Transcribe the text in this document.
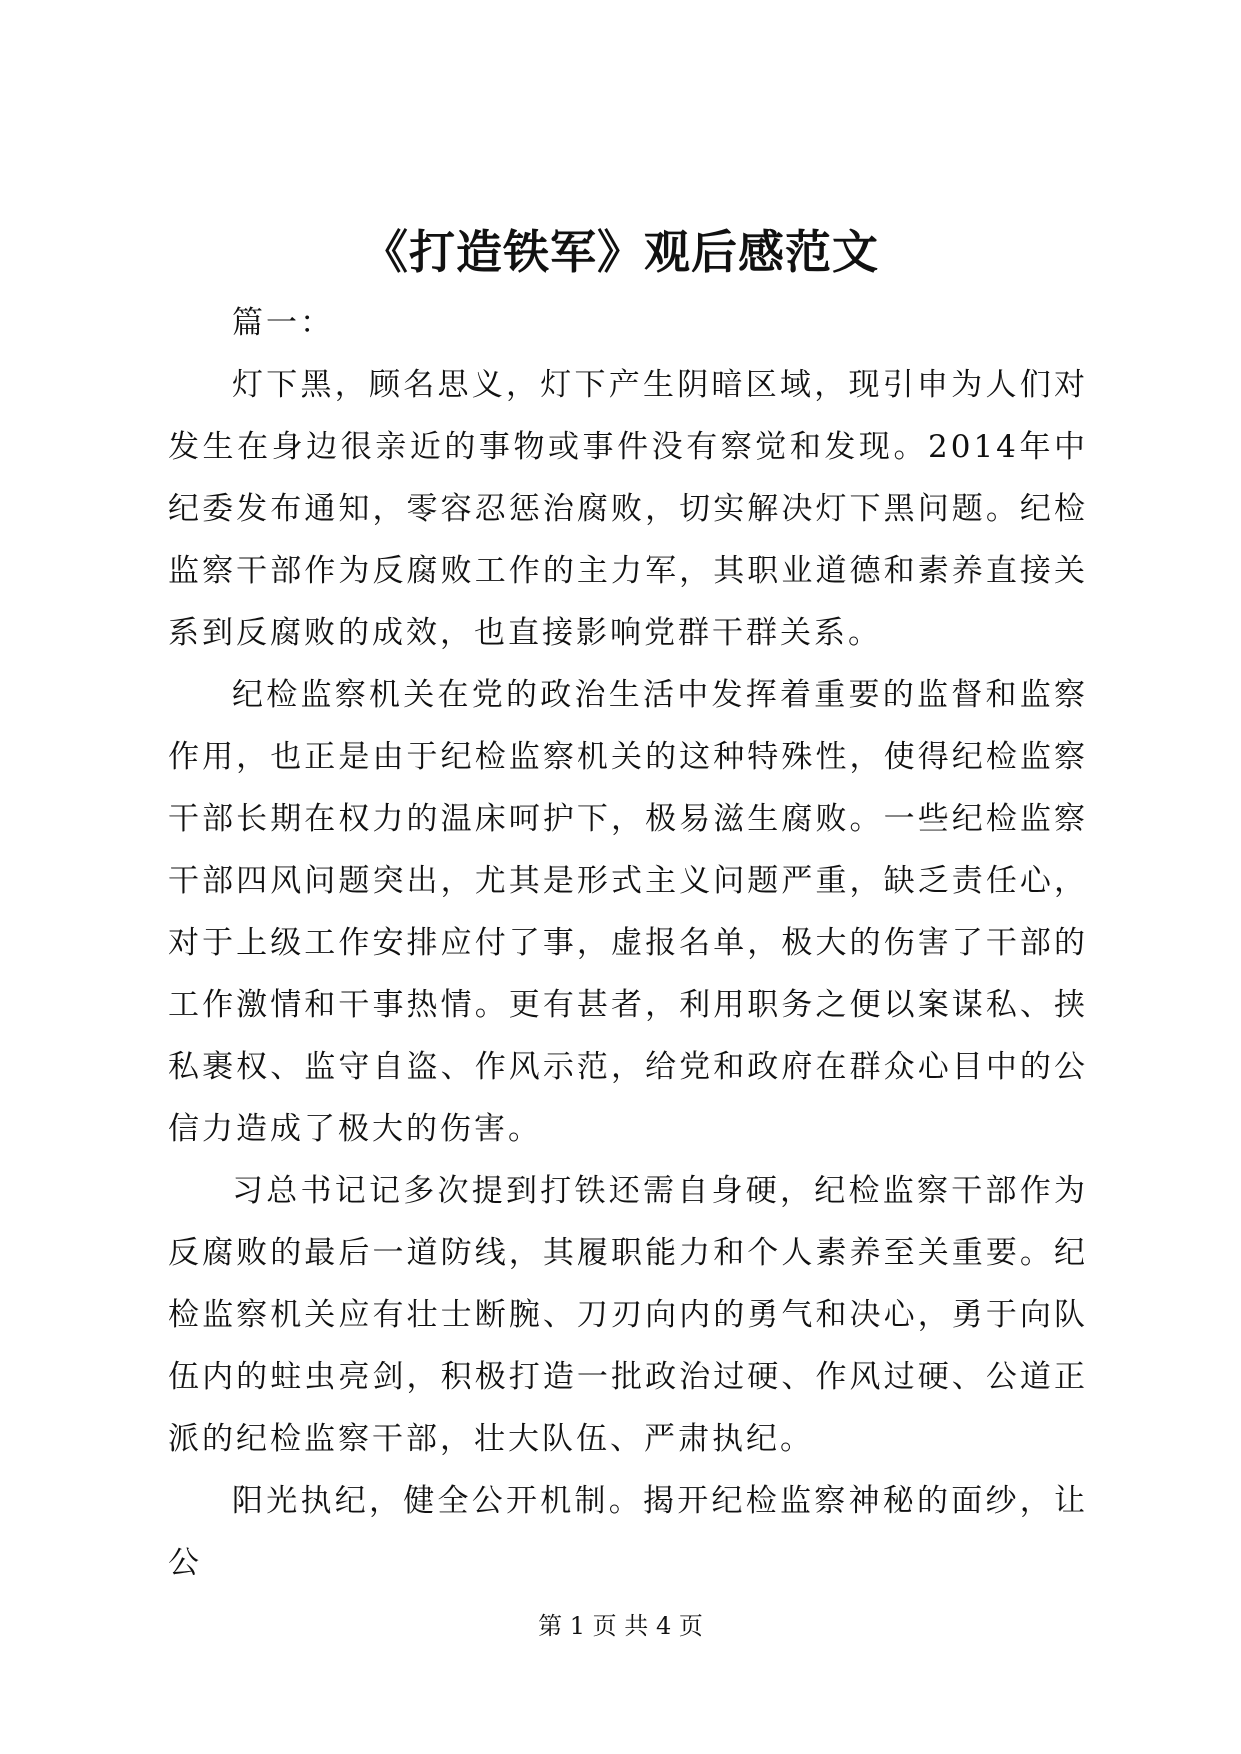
《打造铁军》观后感范文

篇一：

灯下黑，顾名思义，灯下产生阴暗区域，现引申为人们对发生在身边很亲近的事物或事件没有察觉和发现。2014年中纪委发布通知，零容忍惩治腐败，切实解决灯下黑问题。纪检监察干部作为反腐败工作的主力军，其职业道德和素养直接关系到反腐败的成效，也直接影响党群干群关系。

纪检监察机关在党的政治生活中发挥着重要的监督和监察作用，也正是由于纪检监察机关的这种特殊性，使得纪检监察干部长期在权力的温床呵护下，极易滋生腐败。一些纪检监察干部四风问题突出，尤其是形式主义问题严重，缺乏责任心，对于上级工作安排应付了事，虚报名单，极大的伤害了干部的工作激情和干事热情。更有甚者，利用职务之便以案谋私、挟私裹权、监守自盗、作风示范，给党和政府在群众心目中的公信力造成了极大的伤害。

习总书记记多次提到打铁还需自身硬，纪检监察干部作为反腐败的最后一道防线，其履职能力和个人素养至关重要。纪检监察机关应有壮士断腕、刀刃向内的勇气和决心，勇于向队伍内的蛀虫亮剑，积极打造一批政治过硬、作风过硬、公道正派的纪检监察干部，壮大队伍、严肃执纪。

阳光执纪，健全公开机制。揭开纪检监察神秘的面纱，让公

第 1 页 共 4 页
